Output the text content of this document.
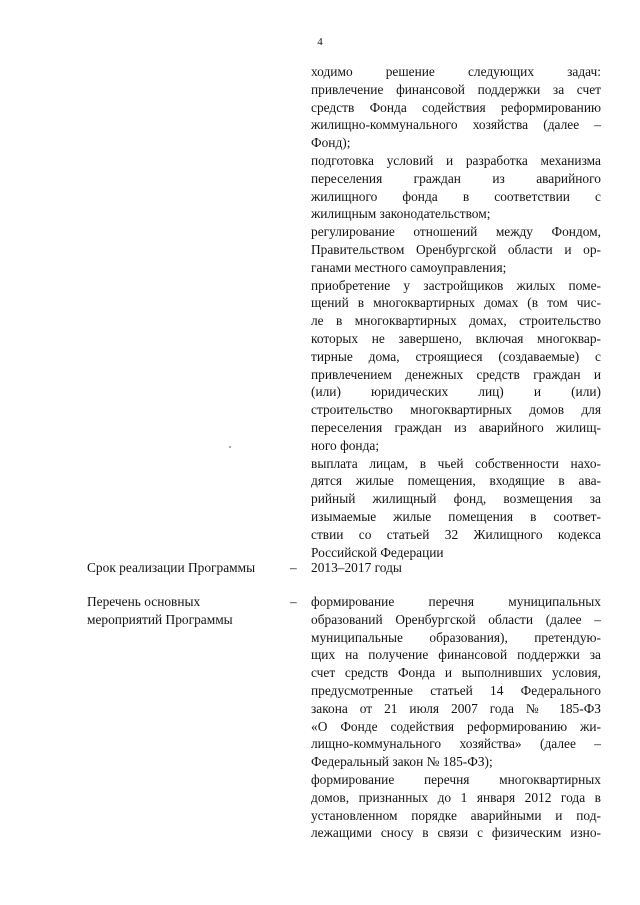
4

ходимо решение следующих задач:

привлечение финансовой поддержки за счет

средств Фонда содействия реформированию

жилищно-коммунального хозяйства (далее –

Фонд);

подготовка условий и разработка механизма

переселения граждан из аварийного

жилищного фонда в соответствии с

жилищным законодательством;

регулирование отношений между Фондом,

Правительством Оренбургской области и ор-

ганами местного самоуправления;

приобретение у застройщиков жилых поме-

щений в многоквартирных домах (в том чис-

ле в многоквартирных домах, строительство

которых не завершено, включая многоквар-

тирные дома, строящиеся (создаваемые) с

привлечением денежных средств граждан и

(или) юридических лиц) и (или)

строительство многоквартирных домов для

переселения граждан из аварийного жилищ-

ного фонда;

выплата лицам, в чьей собственности нахо-

дятся жилые помещения, входящие в ава-

рийный жилищный фонд, возмещения за

изымаемые жилые помещения в соответ-

ствии со статьей 32 Жилищного кодекса

Российской Федерации

Срок реализации Программы	– 2013–2017 годы

Перечень основных
мероприятий Программы
– формирование перечня муниципальных

образований Оренбургской области (далее –

муниципальные образования), претендую-

щих на получение финансовой поддержки за

счет средств Фонда и выполнивших условия,

предусмотренные статьей 14 Федерального

закона от 21 июля 2007 года № 185-ФЗ

«О Фонде содействия реформированию жи-

лищно-коммунального хозяйства» (далее –

Федеральный закон № 185-ФЗ);

формирование перечня многоквартирных

домов, признанных до 1 января 2012 года в

установленном порядке аварийными и под-

лежащими сносу в связи с физическим изно-
